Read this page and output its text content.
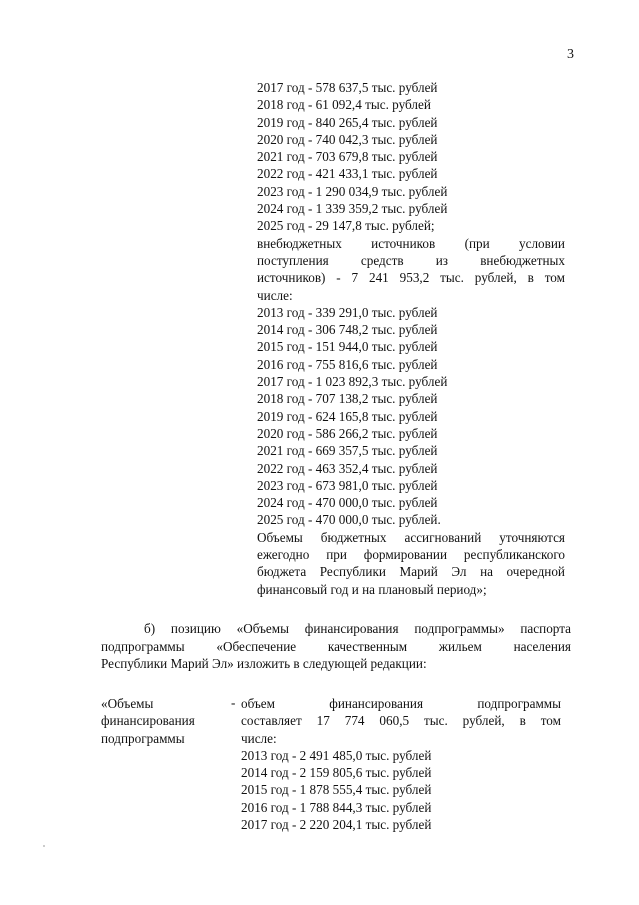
3
2017 год - 578 637,5 тыс. рублей
2018 год - 61 092,4 тыс. рублей
2019 год - 840 265,4 тыс. рублей
2020 год - 740 042,3 тыс. рублей
2021 год - 703 679,8 тыс. рублей
2022 год - 421 433,1 тыс. рублей
2023 год - 1 290 034,9 тыс. рублей
2024 год - 1 339 359,2 тыс. рублей
2025 год - 29 147,8 тыс. рублей;
внебюджетных источников (при условии
поступления средств из внебюджетных
источников) - 7 241 953,2 тыс. рублей, в том
числе:
2013 год - 339 291,0 тыс. рублей
2014 год - 306 748,2 тыс. рублей
2015 год - 151 944,0 тыс. рублей
2016 год - 755 816,6 тыс. рублей
2017 год - 1 023 892,3 тыс. рублей
2018 год - 707 138,2 тыс. рублей
2019 год - 624 165,8 тыс. рублей
2020 год - 586 266,2 тыс. рублей
2021 год - 669 357,5 тыс. рублей
2022 год - 463 352,4 тыс. рублей
2023 год - 673 981,0 тыс. рублей
2024 год - 470 000,0 тыс. рублей
2025 год - 470 000,0 тыс. рублей.
Объемы бюджетных ассигнований уточняются
ежегодно при формировании республиканского
бюджета Республики Марий Эл на очередной
финансовый год и на плановый период»;
б) позицию «Объемы финансирования подпрограммы» паспорта
подпрограммы «Обеспечение качественным жильем населения
Республики Марий Эл» изложить в следующей редакции:
«Объемы
финансирования
подпрограммы
- объем финансирования подпрограммы
составляет 17 774 060,5 тыс. рублей, в том
числе:
2013 год - 2 491 485,0 тыс. рублей
2014 год - 2 159 805,6 тыс. рублей
2015 год - 1 878 555,4 тыс. рублей
2016 год - 1 788 844,3 тыс. рублей
2017 год - 2 220 204,1 тыс. рублей
